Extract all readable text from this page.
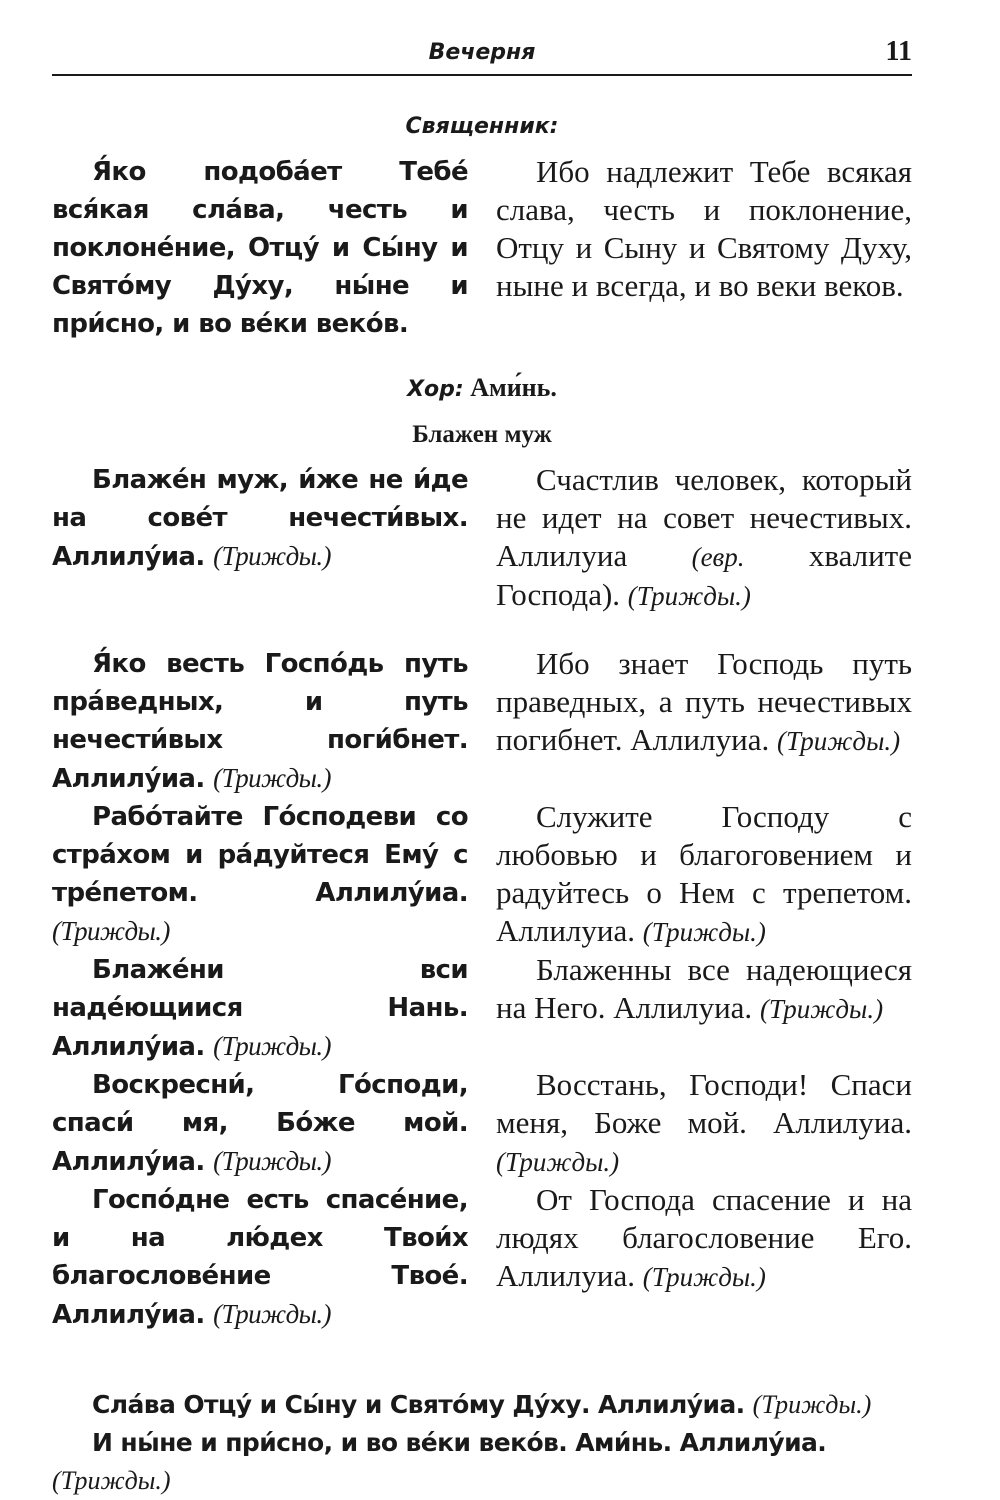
Вечерня	11
Священник:
Я́ко подоба́ет Тебе́ вся́кая сла́ва, честь и поклоне́ние, Отцу́ и Сы́ну и Свято́му Ду́ху, ны́не и при́сно, и во ве́ки веко́в.
Ибо надлежит Тебе всякая слава, честь и поклонение, Отцу и Сыну и Святому Духу, ныне и всегда, и во веки веков.
Хор: Ами́нь.
Блажен муж
Блаже́н муж, и́же не и́де на сове́т нечести́вых. Аллилу́иа. (Трижды.)
Счастлив человек, который не идет на совет нечестивых. Аллилуиа (евр. хвалите Господа). (Трижды.)
Я́ко весть Госпо́дь путь пра́ведных, и путь нечести́вых поги́бнет. Аллилу́иа. (Трижды.)
Ибо знает Господь путь праведных, а путь нечестивых погибнет. Аллилуиа. (Трижды.)
Рабо́тайте Го́сподеви со стра́хом и ра́дуйтеся Ему́ с тре́петом. Аллилу́иа. (Трижды.)
Служите Господу с любовью и благоговением и радуйтесь о Нем с трепетом. Аллилуиа. (Трижды.)
Блаже́ни вси наде́ющиися Нань. Аллилу́иа. (Трижды.)
Блаженны все надеющиеся на Него. Аллилуиа. (Трижды.)
Воскресни́, Го́споди, спаси́ мя, Бо́же мой. Аллилу́иа. (Трижды.)
Восстань, Господи! Спаси меня, Боже мой. Аллилуиа. (Трижды.)
Госпо́дне есть спасе́ние, и на лю́дех Твои́х благослове́ние Твое́. Аллилу́иа. (Трижды.)
От Господа спасение и на людях благословение Его. Аллилуиа. (Трижды.)
Сла́ва Отцу́ и Сы́ну и Свято́му Ду́ху. Аллилу́иа. (Трижды.)
И ны́не и при́сно, и во ве́ки веко́в. Ами́нь. Аллилу́иа. (Трижды.)
